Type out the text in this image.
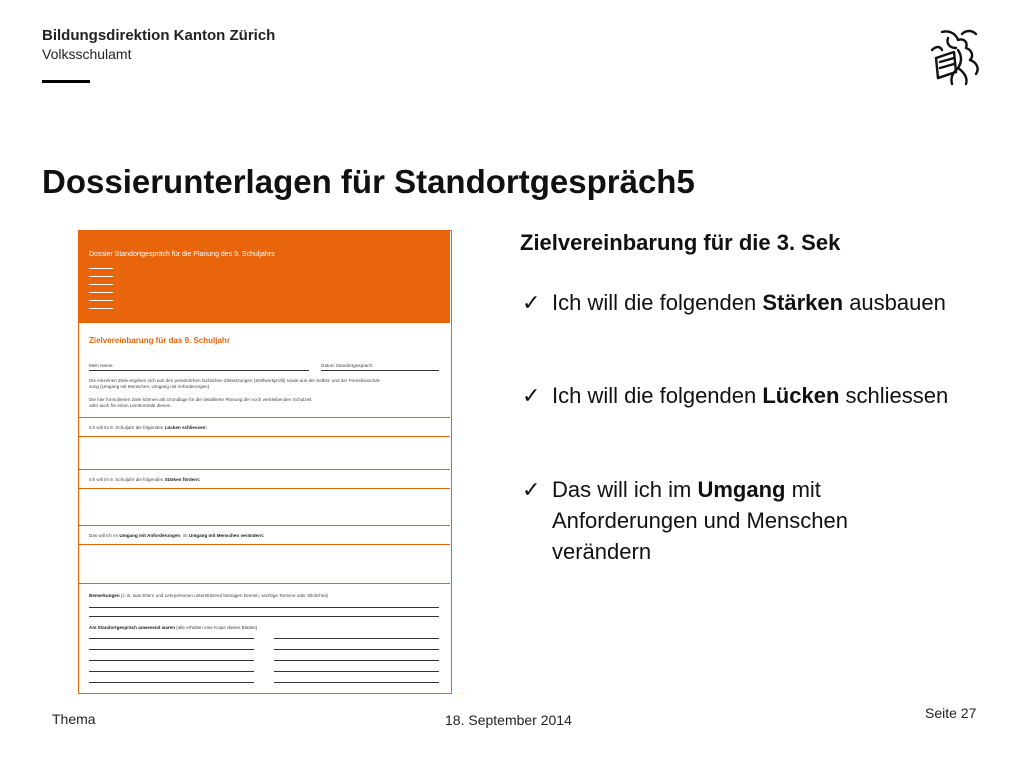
Bildungsdirektion Kanton Zürich
Volksschulamt
Dossierunterlagen für Standortgespräch5
Dossier Standortgespräch für die Planung des 9. Schuljahrs
Zielvereinbarung für das 9. Schuljahr
Mein Name:	Datum Standortgespräch:
Die einzelnen Ziele ergeben sich aus den persönlichen fachlichen Zielsetzungen (Stellwerkprofil) sowie aus der Selbst- und der Fremdeinschät-
zung (Umgang mit Menschen, Umgang mit Anforderungen).
Die hier formulierten Ziele können als Grundlage für die detaillierte Planung der noch verbleibenden Schulzeit
oder auch für einen Lernkontrakt dienen.
Ich will im 9. Schuljahr die folgenden Lücken schliessen:
Ich will im 9. Schuljahr die folgenden Stärken fördern:
Das will ich im Umgang mit Anforderungen, im Umgang mit Menschen verändern:
Bemerkungen (z. B. was Eltern und Lehrpersonen unterstützend beitragen können, wichtige Termine oder ähnliches)
Am Standortgespräch anwesend waren (alle erhalten eine Kopie dieses Blattes)
Zielvereinbarung für die 3. Sek
✓ Ich will die folgenden Stärken ausbauen
✓ Ich will die folgenden Lücken schliessen
✓ Das will ich im Umgang mit Anforderungen und Menschen verändern
Thema	18. September 2014	Seite 27
